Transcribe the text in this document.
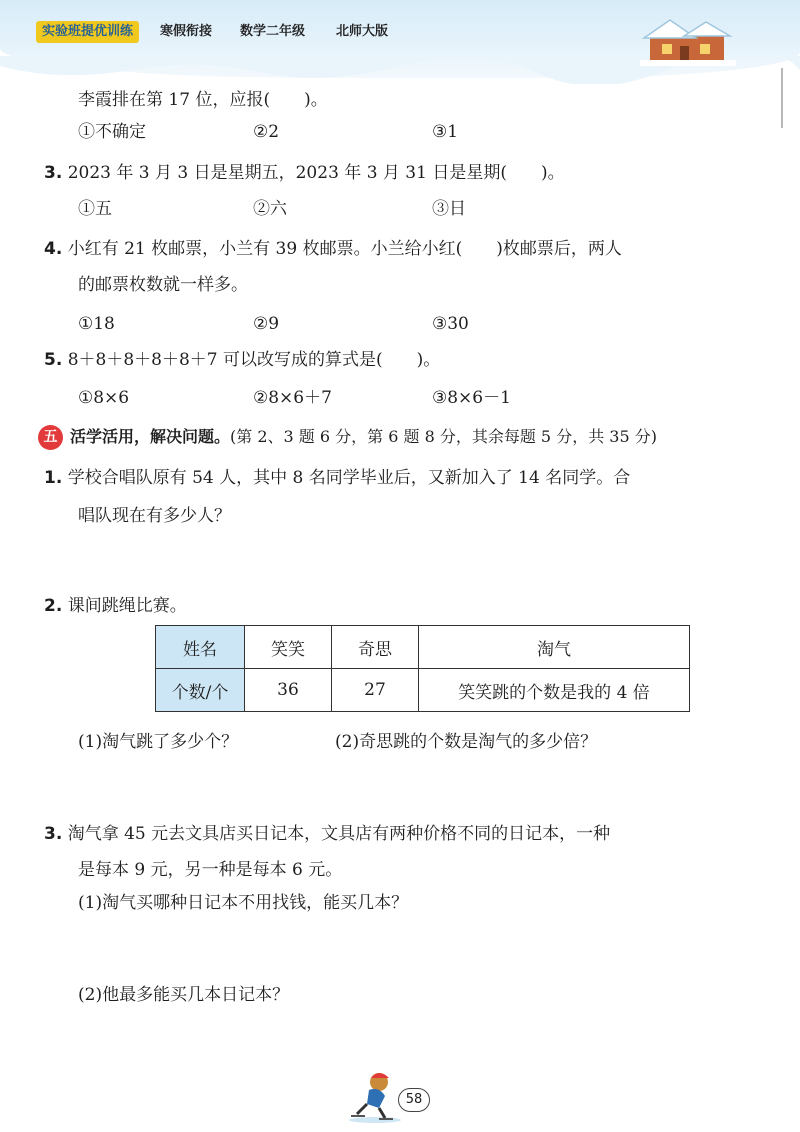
实验班提优训练	寒假衔接 数学二年级 北师大版
李霞排在第 17 位，应报(　　)。
①不确定	②2	③1
3. 2023 年 3 月 3 日是星期五，2023 年 3 月 31 日是星期(　　)。
①五	②六	③日
4. 小红有 21 枚邮票，小兰有 39 枚邮票。小兰给小红(　　)枚邮票后，两人
的邮票枚数就一样多。
①18	②9	③30
5. 8＋8＋8＋8＋8＋7 可以改写成的算式是(　　)。
①8×6	②8×6＋7	③8×6－1
五 活学活用，解决问题。(第 2、3 题 6 分，第 6 题 8 分，其余每题 5 分，共 35 分)
1. 学校合唱队原有 54 人，其中 8 名同学毕业后，又新加入了 14 名同学。合
唱队现在有多少人？
2. 课间跳绳比赛。
姓名	笑笑	奇思	淘气
个数/个	36	27	笑笑跳的个数是我的 4 倍
(1)淘气跳了多少个？	(2)奇思跳的个数是淘气的多少倍？
3. 淘气拿 45 元去文具店买日记本，文具店有两种价格不同的日记本，一种
是每本 9 元，另一种是每本 6 元。
(1)淘气买哪种日记本不用找钱，能买几本？
(2)他最多能买几本日记本？
58
